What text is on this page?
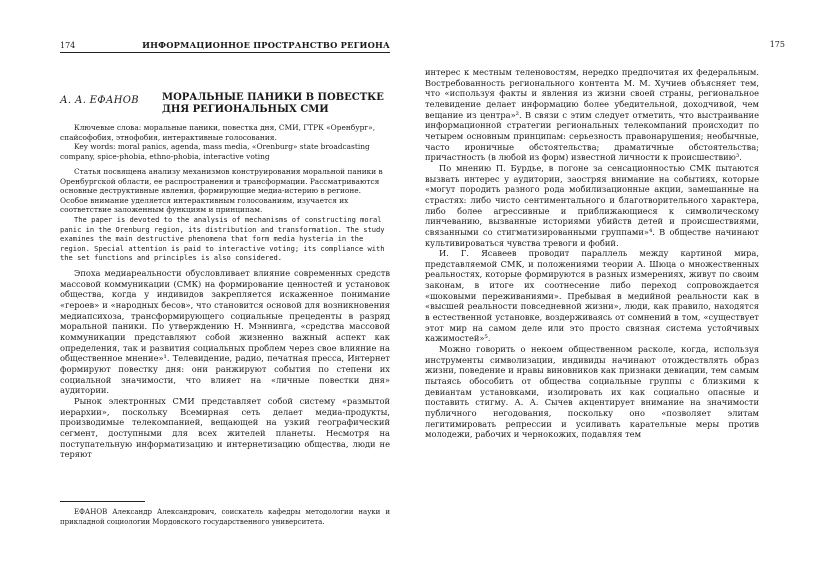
174	ИНФОРМАЦИОННОЕ ПРОСТРАНСТВО РЕГИОНА
А. А. ЕФАНОВ МОРАЛЬНЫЕ ПАНИКИ В ПОВЕСТКЕ ДНЯ РЕГИОНАЛЬНЫХ СМИ

Ключевые слова: моральные паники, повестка дня, СМИ, ГТРК «Оренбург», спайсофобия, этнофобия, интерактивные голосования.

Key words: moral panics, agenda, mass media, «Orenburg» state broadcasting company, spice-phobia, ethno-phobia, interactive voting

Статья посвящена анализу механизмов конструирования моральной паники в Оренбургской области, ее распространения и трансформации. Рассматриваются основные деструктивные явления, формирующие медиа-истерию в регионе. Особое внимание уделяется интерактивным голосованиям, изучается их соответствие заложенным функциям и принципам.

The paper is devoted to the analysis of mechanisms of constructing moral panic in the Orenburg region, its distribution and transformation. The study examines the main destructive phenomena that form media hysteria in the region. Special attention is paid to interactive voting; its compliance with the set functions and principles is also considered.

Эпоха медиареальности обусловливает влияние современных средств массовой коммуникации (СМК) на формирование ценностей и установок общества, когда у индивидов закрепляется искаженное понимание «героев» и «народных бесов», что становится основой для возникновения медиапсихоза, трансформирующего социальные прецеденты в разряд моральной паники. По утверждению Н. Мэннинга, «средства массовой коммуникации представляют собой жизненно важный аспект как определения, так и развития социальных проблем через свое влияние на общественное мнение»¹. Телевидение, радио, печатная пресса, Интернет формируют повестку дня: они ранжируют события по степени их социальной значимости, что влияет на «личные повестки дня» аудитории.

Рынок электронных СМИ представляет собой систему «размытой иерархии», поскольку Всемирная сеть делает медиа-продукты, производимые телекомпанией, вещающей на узкий географический сегмент, доступными для всех жителей планеты. Несмотря на поступательную информатизацию и интернетизацию общества, люди не теряют

ЕФАНОВ Александр Александрович, соискатель кафедры методологии науки и прикладной социологии Мордовского государственного университета.
175

интерес к местным теленовостям, нередко предпочитая их федеральным. Востребованность регионального контента М. М. Хучиев объясняет тем, что «используя факты и явления из жизни своей страны, региональное телевидение делает информацию более убедительной, доходчивой, чем вещание из центра»². В связи с этим следует отметить, что выстраивание информационной стратегии региональных телекомпаний происходит по четырем основным принципам: серьезность правонарушения; необычные, часто ироничные обстоятельства; драматичные обстоятельства; причастность (в любой из форм) известной личности к происшествию³.

По мнению П. Бурдье, в погоне за сенсационностью СМК пытаются вызвать интерес у аудитории, заостряя внимание на событиях, которые «могут породить разного рода мобилизационные акции, замешанные на страстях: либо чисто сентиментального и благотворительного характера, либо более агрессивные и приближающиеся к символическому линчеванию, вызванные историями убийств детей и происшествиями, связанными со стигматизированными группами»⁴. В обществе начинают культивироваться чувства тревоги и фобий.

И. Г. Ясавеев проводит параллель между картиной мира, представляемой СМК, и положениями теории А. Шюца о множественных реальностях, которые формируются в разных измерениях, живут по своим законам, в итоге их соотнесение либо переход сопровождается «шоковыми переживаниями». Пребывая в медийной реальности как в «высшей реальности повседневной жизни», люди, как правило, находятся в естественной установке, воздерживаясь от сомнений в том, «существует этот мир на самом деле или это просто связная система устойчивых кажимостей»⁵.

Можно говорить о некоем общественном расколе, когда, используя инструменты символизации, индивиды начинают отождествлять образ жизни, поведение и нравы виновников как признаки девиации, тем самым пытаясь обособить от общества социальные группы с близкими к девиантам установками, изолировать их как социально опасные и поставить стигму. А. А. Сычев акцентирует внимание на значимости публичного негодования, поскольку оно «позволяет элитам легитимировать репрессии и усиливать карательные меры против молодежи, рабочих и чернокожих, подавляя тем
